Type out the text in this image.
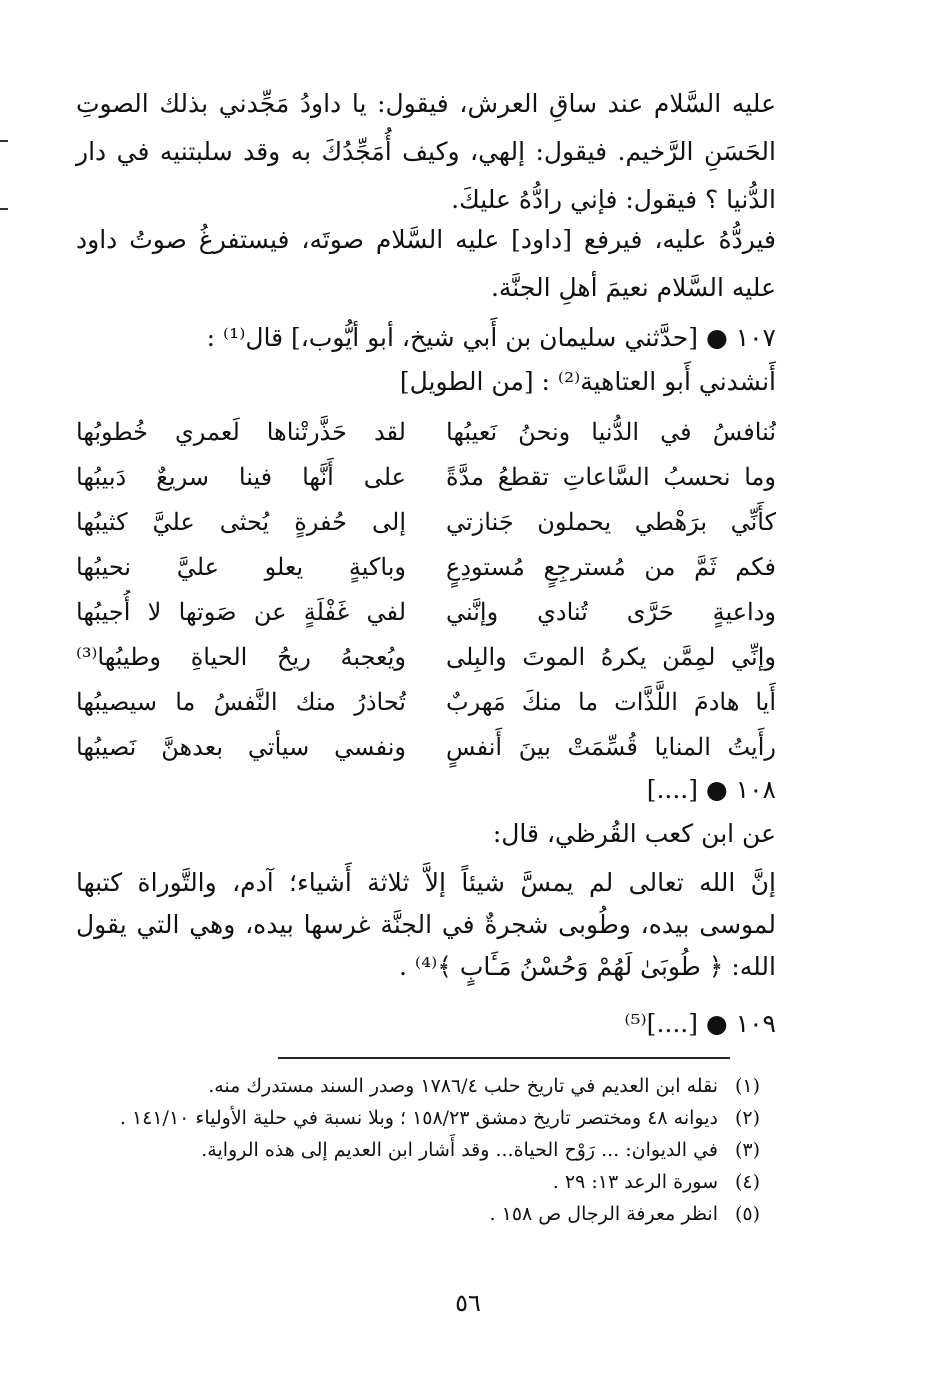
عليه السَّلام عند ساقِ العرش، فيقول: يا داودُ مَجِّدني بذلك الصوتِ الحَسَنِ الرَّخيم. فيقول: إلهي، وكيف أُمَجِّدُكَ به وقد سلبتنيه في دار الدُّنيا ؟ فيقول: فإني رادُّهُ عليكَ.

فيردُّهُ عليه، فيرفع [داود] عليه السَّلام صوتَه، فيستفرغُ صوتُ داود عليه السَّلام نعيمَ أهلِ الجنَّة.

١٠٧ ● [حدَّثني سليمان بن أَبي شيخ، أبو أيُّوب،] قال⁽¹⁾ :
أَنشدني أَبو العتاهية⁽²⁾ : [من الطويل]
نُنافسُ في الدُّنيا ونحنُ نَعيبُها
لقد حَذَّرتْناها لَعمري خُطوبُها
وما نحسبُ السَّاعاتِ تقطعُ مدَّةً
على أَنَّها فينا سريعٌ دَبيبُها
كأَنِّي برَهْطي يحملون جَنازتي
إلى حُفرةٍ يُحثى عليَّ كثيبُها
فكم ثَمَّ من مُسترجِعٍ مُستودِعٍ
وباكيةٍ يعلو عليَّ نحيبُها
وداعيةٍ حَرَّى تُنادي وإنَّني
لفي غَفْلَةٍ عن صَوتها لا أُجيبُها
وإنِّي لمِمَّن يكرهُ الموتَ والبِلى
ويُعجبهُ ريحُ الحياةِ وطيبُها⁽³⁾
أَيا هادمَ اللَّذَّات ما منكَ مَهربٌ
تُحاذرُ منك النَّفسُ ما سيصيبُها
رأَيتُ المنايا قُسِّمَتْ بينَ أَنفسٍ
ونفسي سيأتي بعدهنَّ نَصيبُها
١٠٨ ● [....]
عن ابن كعب القُرظي، قال:

إنَّ الله تعالى لم يمسَّ شيئاً إلاَّ ثلاثة أَشياء؛ آدم، والتَّوراة كتبها لموسى بيده، وطُوبى شجرةٌ في الجنَّة غرسها بيده، وهي التي يقول الله: ﴿ طُوبَىٰ لَهُمْ وَحُسْنُ مَـَٔابٍ ﴾⁽⁴⁾ .

١٠٩ ● [....]⁽⁵⁾
(١)
نقله ابن العديم في تاريخ حلب ١٧٨٦/٤ وصدر السند مستدرك منه.
(٢)
ديوانه ٤٨ ومختصر تاريخ دمشق ١٥٨/٢٣ ؛ وبلا نسبة في حلية الأولياء ١٤١/١٠ .
(٣)
في الديوان: ... رَوْح الحياة... وقد أَشار ابن العديم إلى هذه الرواية.
(٤)
سورة الرعد ١٣: ٢٩ .
(٥)
انظر معرفة الرجال ص ١٥٨ .
٥٦
